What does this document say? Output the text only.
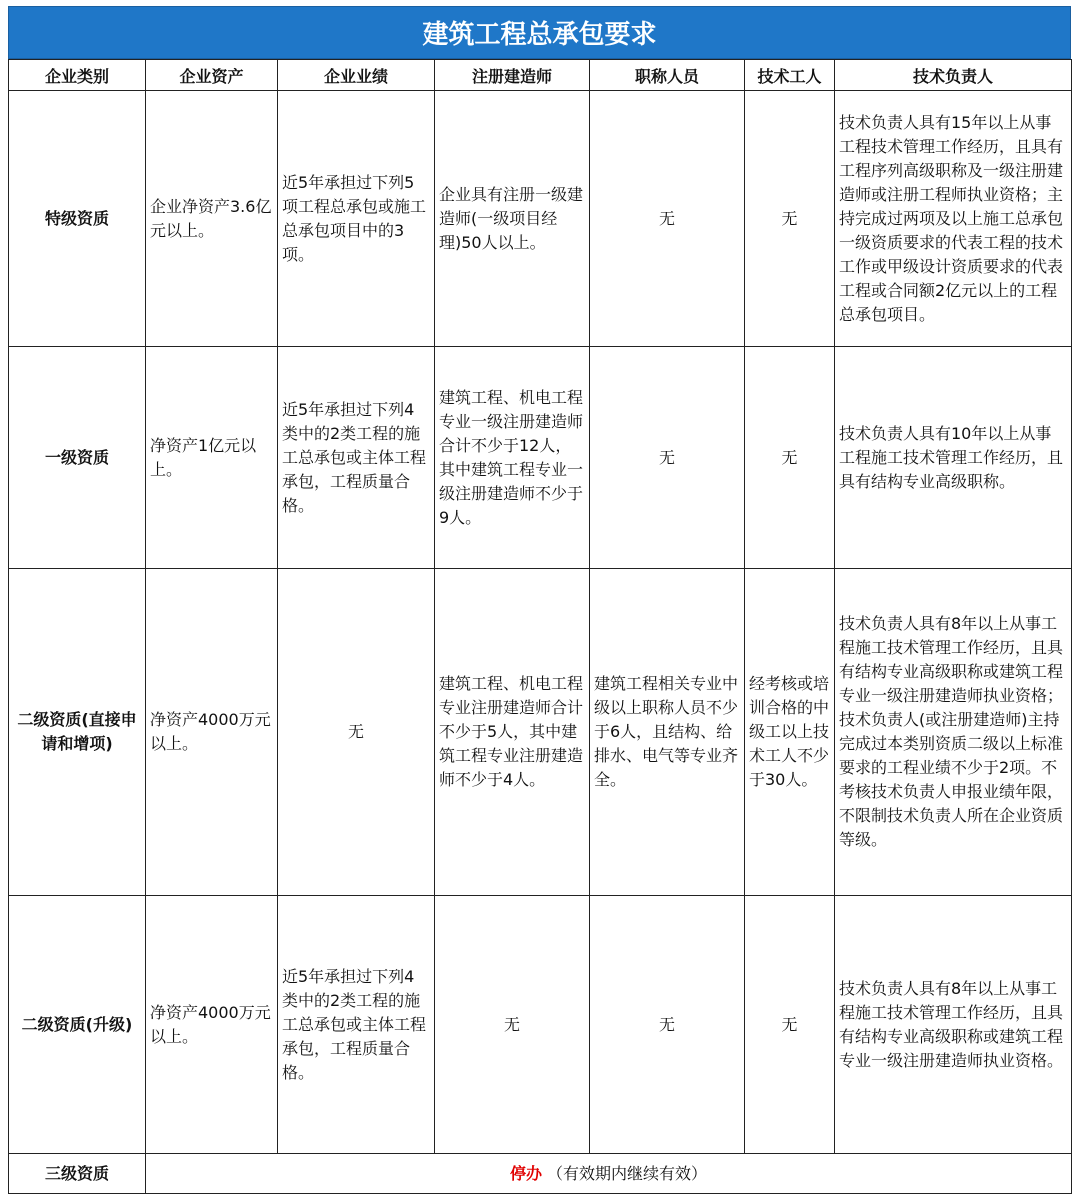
建筑工程总承包要求
企业类别	企业资产	企业业绩	注册建造师	职称人员	技术工人	技术负责人
特级资质	企业净资产3.6亿元以上。	近5年承担过下列5项工程总承包或施工总承包项目中的3项。	企业具有注册一级建造师(一级项目经理)50人以上。	无	无	技术负责人具有15年以上从事工程技术管理工作经历，且具有工程序列高级职称及一级注册建造师或注册工程师执业资格；主持完成过两项及以上施工总承包一级资质要求的代表工程的技术工作或甲级设计资质要求的代表工程或合同额2亿元以上的工程总承包项目。
一级资质	净资产1亿元以上。	近5年承担过下列4类中的2类工程的施工总承包或主体工程承包，工程质量合格。	建筑工程、机电工程专业一级注册建造师合计不少于12人，其中建筑工程专业一级注册建造师不少于9人。	无	无	技术负责人具有10年以上从事工程施工技术管理工作经历，且具有结构专业高级职称。
二级资质(直接申请和增项)	净资产4000万元以上。	无	建筑工程、机电工程专业注册建造师合计不少于5人，其中建筑工程专业注册建造师不少于4人。	建筑工程相关专业中级以上职称人员不少于6人，且结构、给排水、电气等专业齐全。	经考核或培训合格的中级工以上技术工人不少于30人。	技术负责人具有8年以上从事工程施工技术管理工作经历，且具有结构专业高级职称或建筑工程专业一级注册建造师执业资格；技术负责人(或注册建造师)主持完成过本类别资质二级以上标准要求的工程业绩不少于2项。不考核技术负责人申报业绩年限，不限制技术负责人所在企业资质等级。
二级资质(升级)	净资产4000万元以上。	近5年承担过下列4类中的2类工程的施工总承包或主体工程承包，工程质量合格。	无	无	无	技术负责人具有8年以上从事工程施工技术管理工作经历，且具有结构专业高级职称或建筑工程专业一级注册建造师执业资格。
三级资质	停办 （有效期内继续有效）					
